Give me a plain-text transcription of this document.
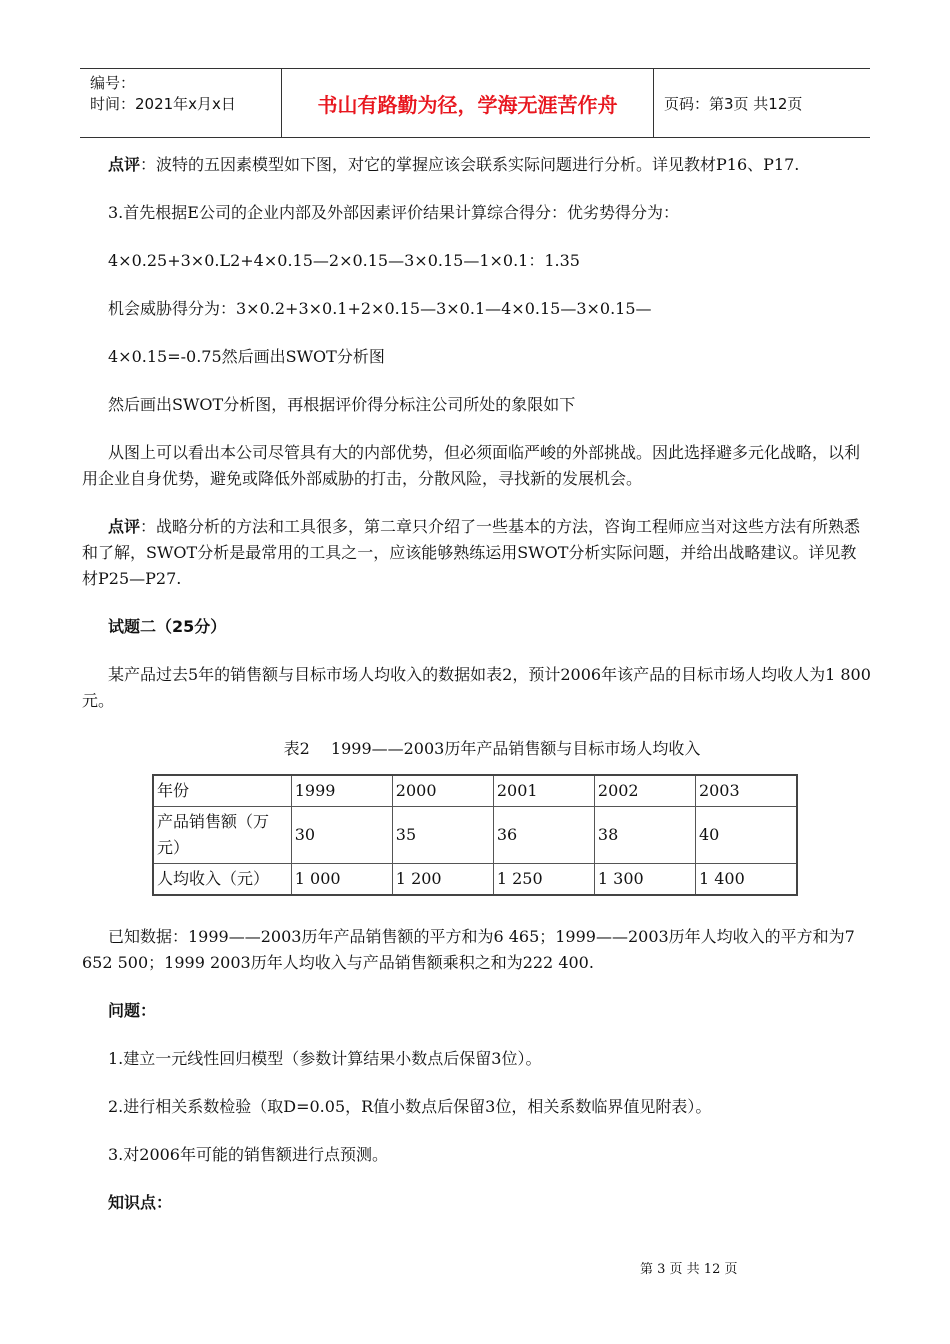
编号：
时间：2021年x月x日	书山有路勤为径，学海无涯苦作舟	页码：第3页 共12页

点评：波特的五因素模型如下图，对它的掌握应该会联系实际问题进行分析。详见教材P16、P17.

3.首先根据E公司的企业内部及外部因素评价结果计算综合得分：优劣势得分为：

4×0.25+3×0.L2+4×0.15—2×0.15—3×0.15—1×0.1：1.35

机会威胁得分为：3×0.2+3×0.1+2×0.15—3×0.1—4×0.15—3×0.15—

4×0.15=-0.75然后画出SWOT分析图

然后画出SWOT分析图，再根据评价得分标注公司所处的象限如下

从图上可以看出本公司尽管具有大的内部优势，但必须面临严峻的外部挑战。因此选择避多元化战略，以利用企业自身优势，避免或降低外部威胁的打击，分散风险，寻找新的发展机会。

点评：战略分析的方法和工具很多，第二章只介绍了一些基本的方法，咨询工程师应当对这些方法有所熟悉和了解，SWOT分析是最常用的工具之一，应该能够熟练运用SWOT分析实际问题，并给出战略建议。详见教材P25—P27.

试题二（25分）

某产品过去5年的销售额与目标市场人均收入的数据如表2，预计2006年该产品的目标市场人均收人为1 800元。

表2　 1999——2003历年产品销售额与目标市场人均收入

年份	1999	2000	2001	2002	2003
产品销售额（万元）	30	35	36	38	40
人均收入（元）	1 000	1 200	1 250	1 300	1 400

已知数据：1999——2003历年产品销售额的平方和为6 465；1999——2003历年人均收入的平方和为7 652 500；1999 2003历年人均收入与产品销售额乘积之和为222 400.

问题：

1.建立一元线性回归模型（参数计算结果小数点后保留3位）。

2.进行相关系数检验（取D=0.05，R值小数点后保留3位，相关系数临界值见附表）。

3.对2006年可能的销售额进行点预测。

知识点：

第 3 页 共 12 页
